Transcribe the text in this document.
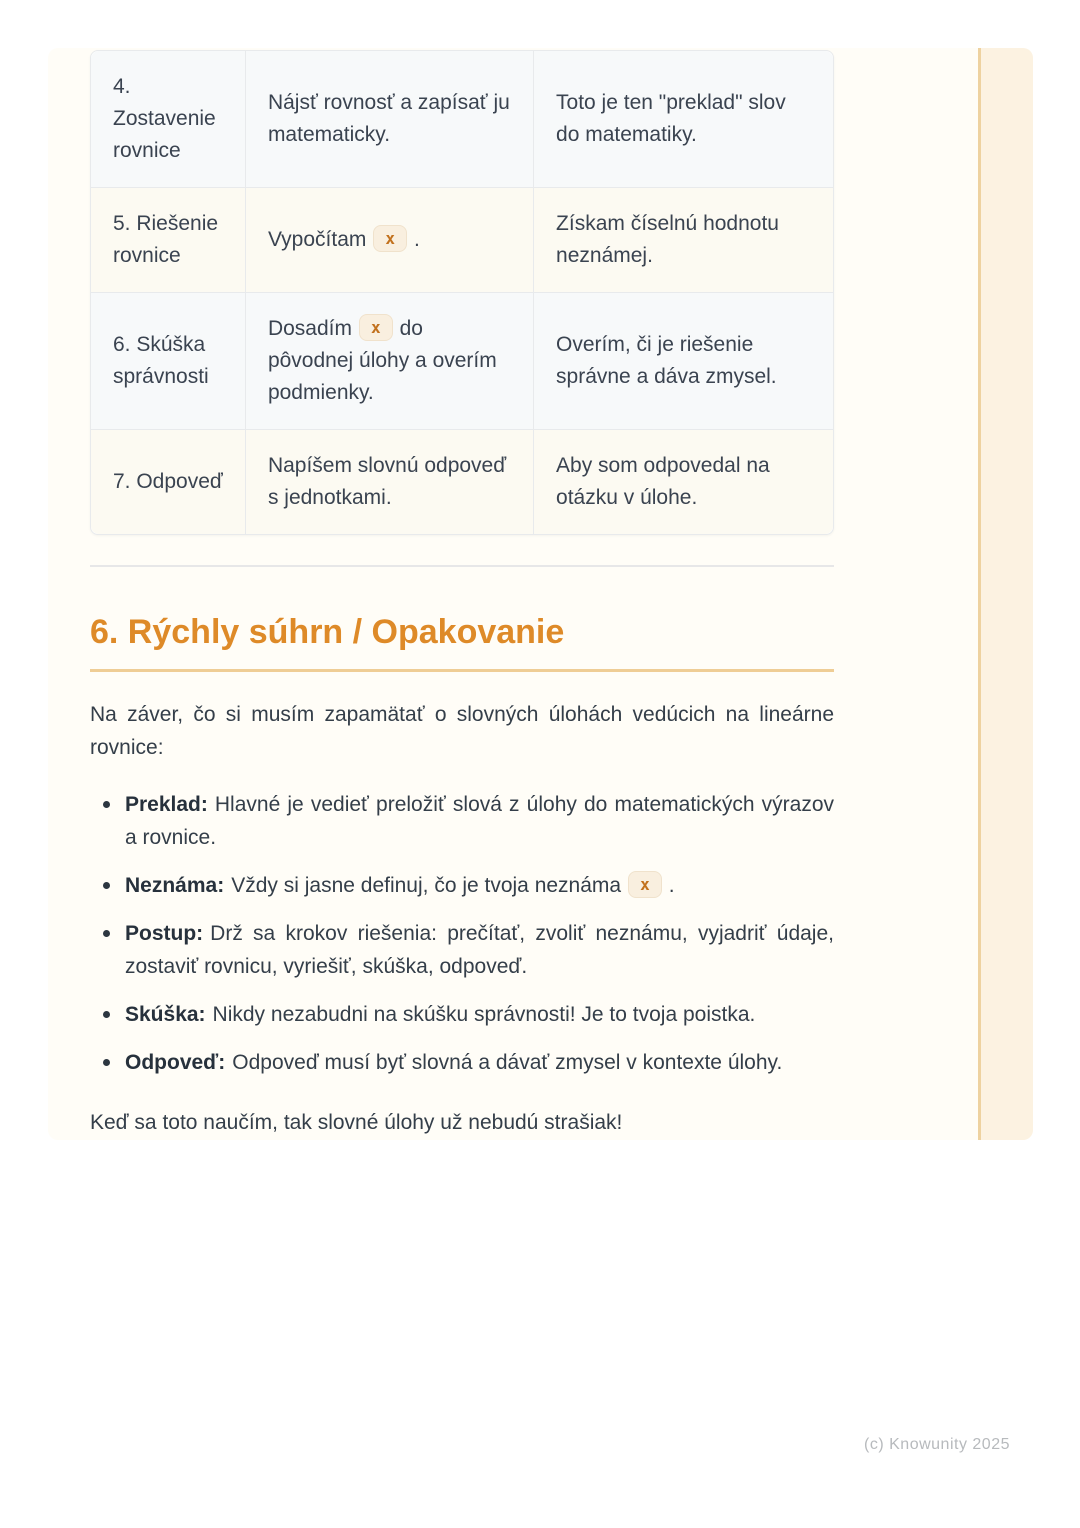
4. Zostavenie rovnice	Nájsť rovnosť a zapísať ju matematicky.	Toto je ten "preklad" slov do matematiky.
5. Riešenie rovnice	Vypočítam x .	Získam číselnú hodnotu neznámej.
6. Skúška správnosti	Dosadím x do pôvodnej úlohy a overím podmienky.	Overím, či je riešenie správne a dáva zmysel.
7. Odpoveď	Napíšem slovnú odpoveď s jednotkami.	Aby som odpovedal na otázku v úlohe.
6. Rýchly súhrn / Opakovanie

Na záver, čo si musím zapamätať o slovných úlohách vedúcich na lineárne rovnice:

Preklad: Hlavné je vedieť preložiť slová z úlohy do matematických výrazov a rovnice.
Neznáma: Vždy si jasne definuj, čo je tvoja neznáma x .
Postup: Drž sa krokov riešenia: prečítať, zvoliť neznámu, vyjadriť údaje, zostaviť rovnicu, vyriešiť, skúška, odpoveď.
Skúška: Nikdy nezabudni na skúšku správnosti! Je to tvoja poistka.
Odpoveď: Odpoveď musí byť slovná a dávať zmysel v kontexte úlohy.

Keď sa toto naučím, tak slovné úlohy už nebudú strašiak!

(c) Knowunity 2025
